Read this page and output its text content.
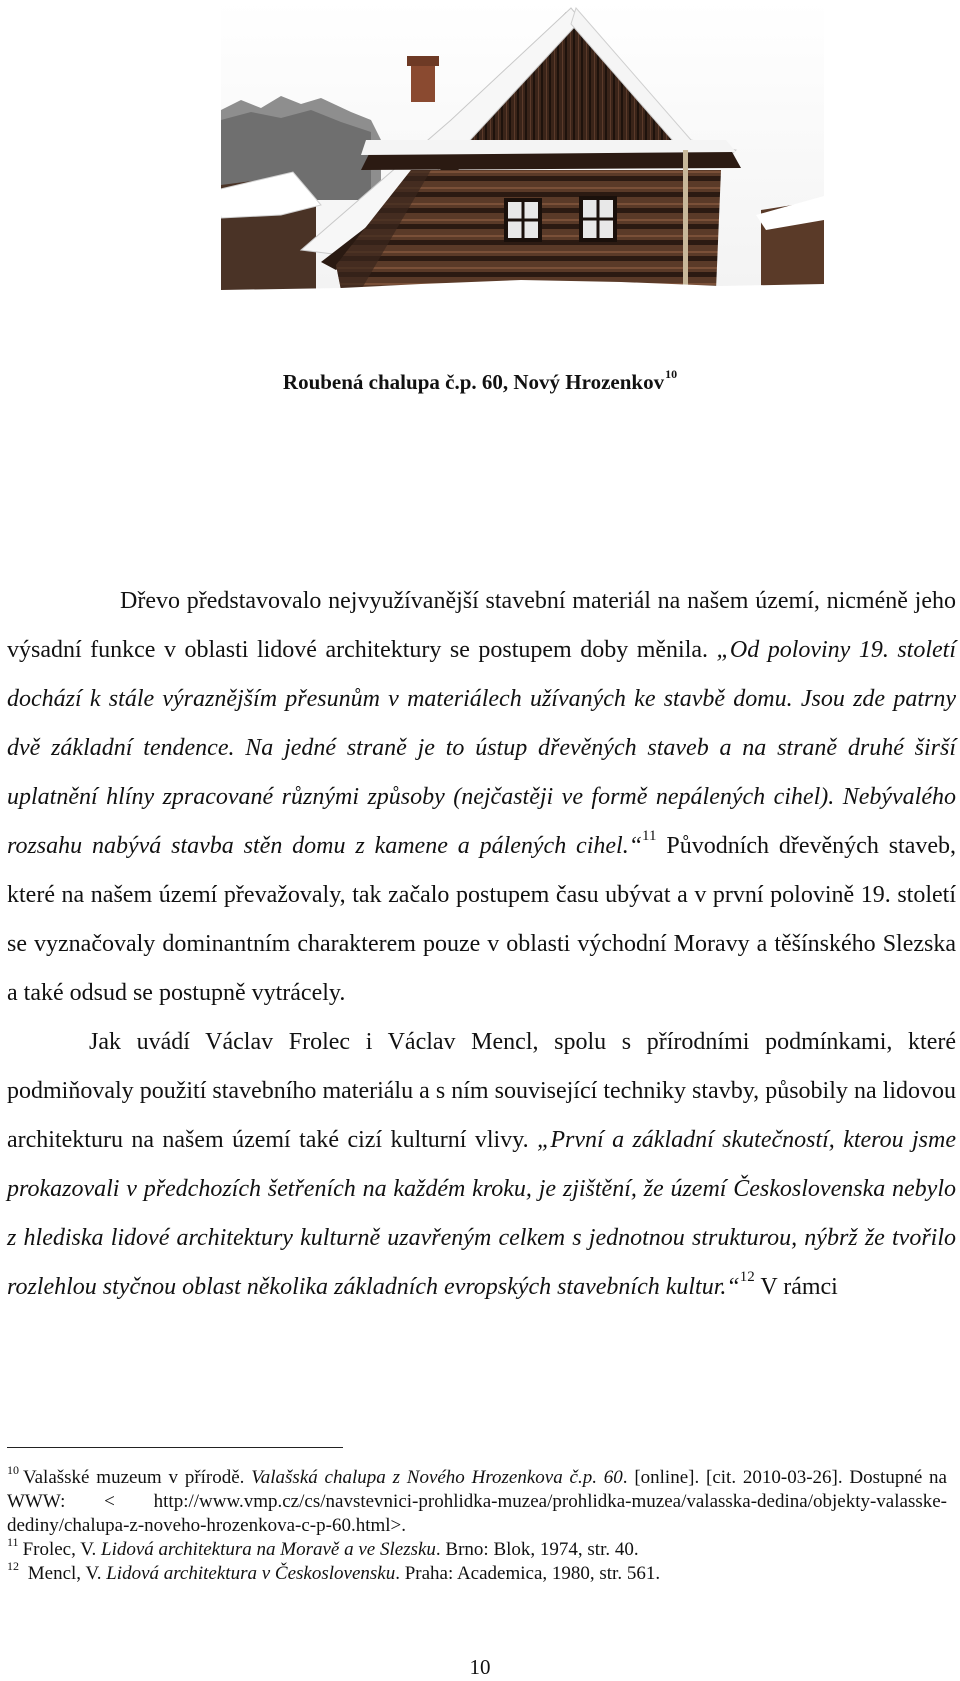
Roubená chalupa č.p. 60, Nový Hrozenkov$^{10}$

Dřevo představovalo nejvyužívanější stavební materiál na našem území, nicméně jeho výsadní funkce v oblasti lidové architektury se postupem doby měnila. „Od poloviny 19. století dochází k stále výraznějším přesunům v materiálech užívaných ke stavbě domu. Jsou zde patrny dvě základní tendence. Na jedné straně je to ústup dřevěných staveb a na straně druhé širší uplatnění hlíny zpracované různými způsoby (nejčastěji ve formě nepálených cihel). Nebývalého rozsahu nabývá stavba stěn domu z kamene a pálených cihel.“$^{11}$ Původních dřevěných staveb, které na našem území převažovaly, tak začalo postupem času ubývat a v první polovině 19. století se vyznačovaly dominantním charakterem pouze v oblasti východní Moravy a těšínského Slezska a také odsud se postupně vytrácely.

Jak uvádí Václav Frolec i Václav Mencl, spolu s přírodními podmínkami, které podmiňovaly použití stavebního materiálu a s ním související techniky stavby, působily na lidovou architekturu na našem území také cizí kulturní vlivy. „První a základní skutečností, kterou jsme prokazovali v předchozích šetřeních na každém kroku, je zjištění, že území Československa nebylo z hlediska lidové architektury kulturně uzavřeným celkem s jednotnou strukturou, nýbrž že tvořilo rozlehlou styčnou oblast několika základních evropských stavebních kultur.“$^{12}$ V rámci

$^{10}$ Valašské muzeum v přírodě. Valašská chalupa z Nového Hrozenkova č.p. 60. [online]. [cit. 2010-03-26]. Dostupné na WWW: < http://www.vmp.cz/cs/navstevnici-prohlidka-muzea/prohlidka-muzea/valasska-dedina/objekty-valasske-dediny/chalupa-z-noveho-hrozenkova-c-p-60.html>.

$^{11}$ Frolec, V. Lidová architektura na Moravě a ve Slezsku. Brno: Blok, 1974, str. 40.

$^{12}$ Mencl, V. Lidová architektura v Československu. Praha: Academica, 1980, str. 561.

10
